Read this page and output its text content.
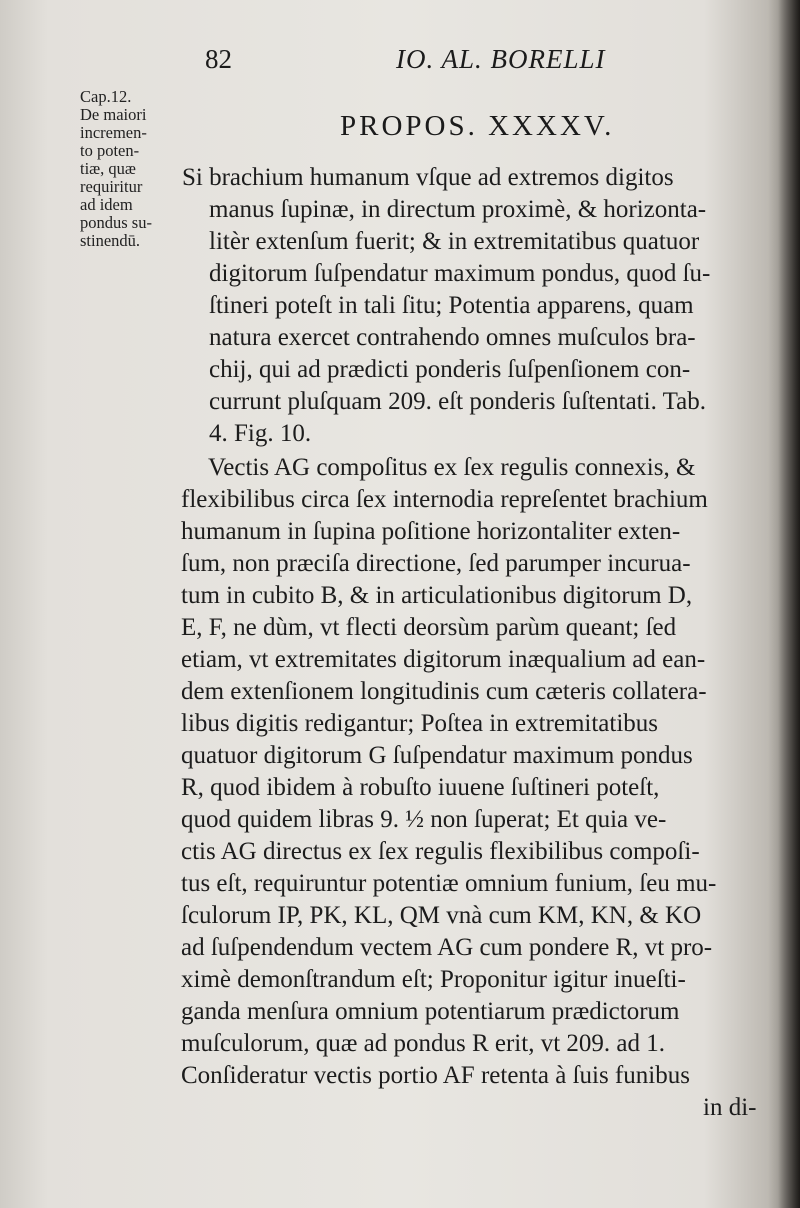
82	IO. AL. BORELLI
Cap.12.
De maiori
incremen-
to poten-
tiæ, quæ
requiritur
ad idem
pondus su-
stinendū.
PROPOS. XXXXV.
Si brachium humanum vſque ad extremos digitos
manus ſupinæ, in directum proximè, & horizonta-
litèr extenſum fuerit; & in extremitatibus quatuor
digitorum ſuſpendatur maximum pondus, quod ſu-
ſtineri poteſt in tali ſitu; Potentia apparens, quam
natura exercet contrahendo omnes muſculos bra-
chij, qui ad prædicti ponderis ſuſpenſionem con-
currunt pluſquam 209. eſt ponderis ſuſtentati. Tab.
4. Fig. 10.
Vectis AG compoſitus ex ſex regulis connexis, &
flexibilibus circa ſex internodia repreſentet brachium
humanum in ſupina poſitione horizontaliter exten-
ſum, non præciſa directione, ſed parumper incurua-
tum in cubito B, & in articulationibus digitorum D,
E, F, ne dùm, vt flecti deorsùm parùm queant; ſed
etiam, vt extremitates digitorum inæqualium ad ean-
dem extenſionem longitudinis cum cæteris collatera-
libus digitis redigantur; Poſtea in extremitatibus
quatuor digitorum G ſuſpendatur maximum pondus
R, quod ibidem à robuſto iuuene ſuſtineri poteſt,
quod quidem libras 9. ½ non ſuperat; Et quia ve-
ctis AG directus ex ſex regulis flexibilibus compoſi-
tus eſt, requiruntur potentiæ omnium funium, ſeu mu-
ſculorum IP, PK, KL, QM vnà cum KM, KN, & KO
ad ſuſpendendum vectem AG cum pondere R, vt pro-
ximè demonſtrandum eſt; Proponitur igitur inueſti-
ganda menſura omnium potentiarum prædictorum
muſculorum, quæ ad pondus R erit, vt 209. ad 1.
Conſideratur vectis portio AF retenta à ſuis funibus
in di-
